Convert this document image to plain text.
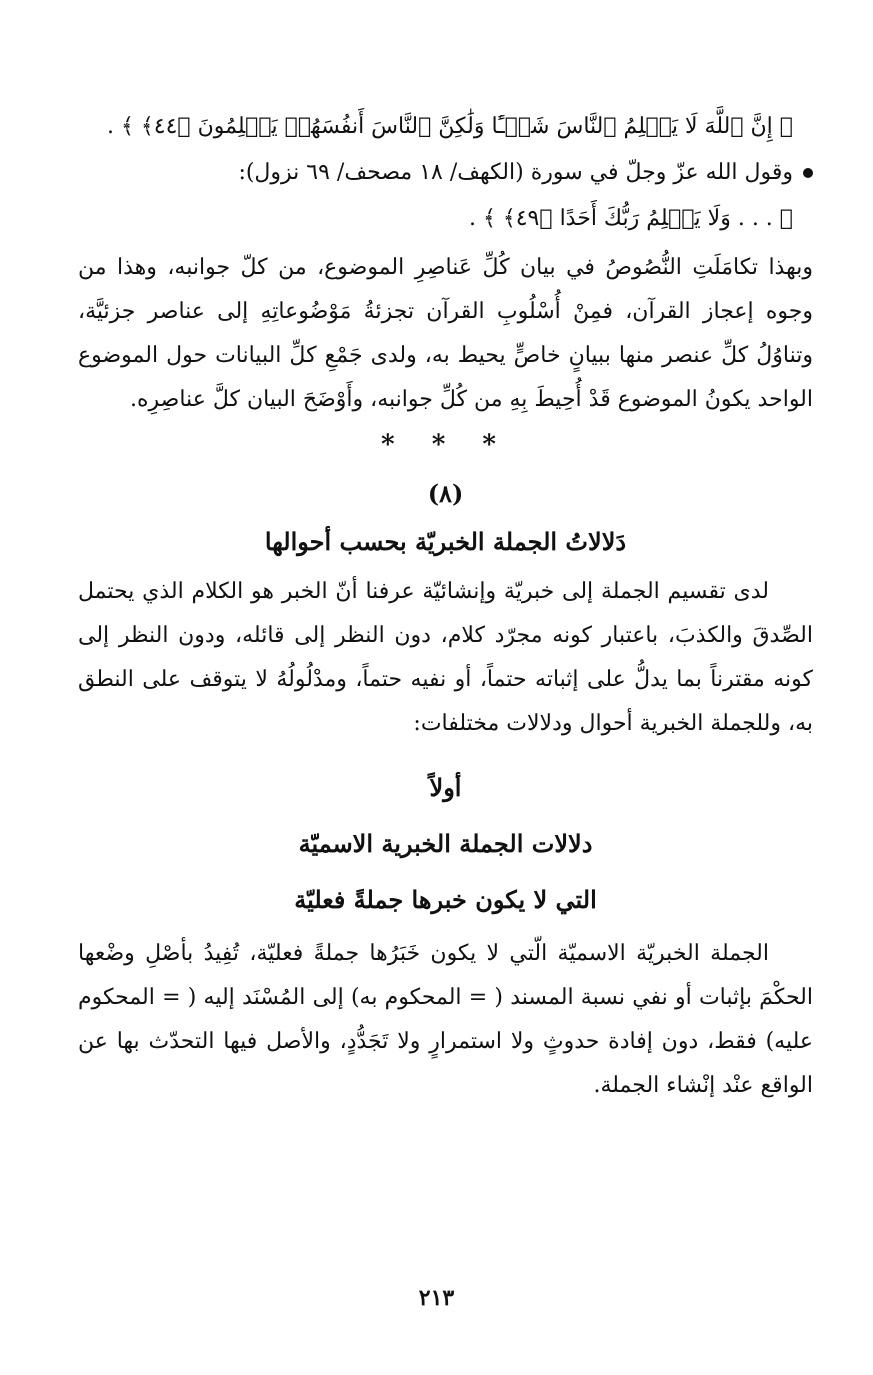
﴿ إِنَّ ٱللَّهَ لَا يَظۡلِمُ ٱلنَّاسَ شَيۡـًٔا وَلَٰكِنَّ ٱلنَّاسَ أَنفُسَهُمۡ يَظۡلِمُونَ ﴿٤٤﴾ ﴾ .

وقول الله عزّ وجلّ في سورة (الكهف/ ١٨ مصحف/ ٦٩ نزول):

﴿ . . . وَلَا يَظۡلِمُ رَبُّكَ أَحَدًا ﴿٤٩﴾ ﴾ .

وبهذا تكامَلَتِ النُّصُوصُ في بيان كُلِّ عَناصِرِ الموضوع، من كلّ جوانبه، وهذا من وجوه إعجاز القرآن، فمِنْ أُسْلُوبِ القرآن تجزئةُ مَوْضُوعاتِهِ إلى عناصر جزئيَّة، وتناوُلُ كلِّ عنصر منها ببيانٍ خاصٍّ يحيط به، ولدى جَمْعِ كلِّ البيانات حول الموضوع الواحد يكونُ الموضوع قَدْ أُحِيطَ بِهِ من كُلِّ جوانبه، وأَوْضَحَ البيان كلَّ عناصِرِه.

* * *

(٨)

دَلالاتُ الجملة الخبريّة بحسب أحوالها

لدى تقسيم الجملة إلى خبريّة وإنشائيّة عرفنا أنّ الخبر هو الكلام الذي يحتمل الصِّدقَ والكذبَ، باعتبار كونه مجرّد كلام، دون النظر إلى قائله، ودون النظر إلى كونه مقترناً بما يدلُّ على إثباته حتماً، أو نفيه حتماً، ومدْلُولُهُ لا يتوقف على النطق به، وللجملة الخبرية أحوال ودلالات مختلفات:

أولاً

دلالات الجملة الخبرية الاسميّة

التي لا يكون خبرها جملةً فعليّة

الجملة الخبريّة الاسميّة الّتي لا يكون خَبَرُها جملةً فعليّة، تُفِيدُ بأصْلِ وضْعها الحكْمَ بإثبات أو نفي نسبة المسند ( = المحكوم به) إلى المُسْنَد إليه ( = المحكوم عليه) فقط، دون إفادة حدوثٍ ولا استمرارٍ ولا تَجَدُّدٍ، والأصل فيها التحدّث بها عن الواقع عنْد إنْشاء الجملة.

٢١٣
